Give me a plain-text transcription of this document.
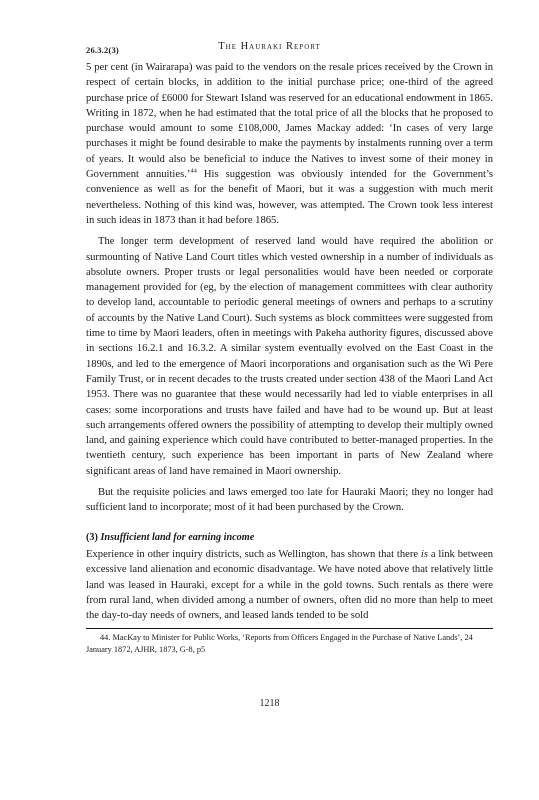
26.3.2(3)	The Hauraki Report

5 per cent (in Wairarapa) was paid to the vendors on the resale prices received by the Crown in respect of certain blocks, in addition to the initial purchase price; one-third of the agreed purchase price of £6000 for Stewart Island was reserved for an educational endowment in 1865. Writing in 1872, when he had estimated that the total price of all the blocks that he proposed to purchase would amount to some £108,000, James Mackay added: ‘In cases of very large purchases it might be found desirable to make the payments by instalments running over a term of years. It would also be beneficial to induce the Natives to invest some of their money in Government annuities.’$^{44}$ His suggestion was obviously intended for the Government’s convenience as well as for the benefit of Maori, but it was a suggestion with much merit nevertheless. Nothing of this kind was, however, was attempted. The Crown took less interest in such ideas in 1873 than it had before 1865.

The longer term development of reserved land would have required the abolition or surmounting of Native Land Court titles which vested ownership in a number of individuals as absolute owners. Proper trusts or legal personalities would have been needed or corporate management provided for (eg, by the election of management committees with clear authority to develop land, accountable to periodic general meetings of owners and perhaps to a scrutiny of accounts by the Native Land Court). Such systems as block committees were suggested from time to time by Maori leaders, often in meetings with Pakeha authority figures, discussed above in sections 16.2.1 and 16.3.2. A similar system eventually evolved on the East Coast in the 1890s, and led to the emergence of Maori incorporations and organisation such as the Wi Pere Family Trust, or in recent decades to the trusts created under section 438 of the Maori Land Act 1953. There was no guarantee that these would necessarily had led to viable enterprises in all cases: some incorporations and trusts have failed and have had to be wound up. But at least such arrangements offered owners the possibility of attempting to develop their multiply owned land, and gaining experience which could have contributed to better-managed properties. In the twentieth century, such experience has been important in parts of New Zealand where significant areas of land have remained in Maori ownership.

But the requisite policies and laws emerged too late for Hauraki Maori; they no longer had sufficient land to incorporate; most of it had been purchased by the Crown.

(3) Insufficient land for earning income

Experience in other inquiry districts, such as Wellington, has shown that there is a link between excessive land alienation and economic disadvantage. We have noted above that relatively little land was leased in Hauraki, except for a while in the gold towns. Such rentals as there were from rural land, when divided among a number of owners, often did no more than help to meet the day-to-day needs of owners, and leased lands tended to be sold

44. MacKay to Minister for Public Works, ‘Reports from Officers Engaged in the Purchase of Native Lands’, 24 January 1872, AJHR, 1873, G-8, p5
1218
